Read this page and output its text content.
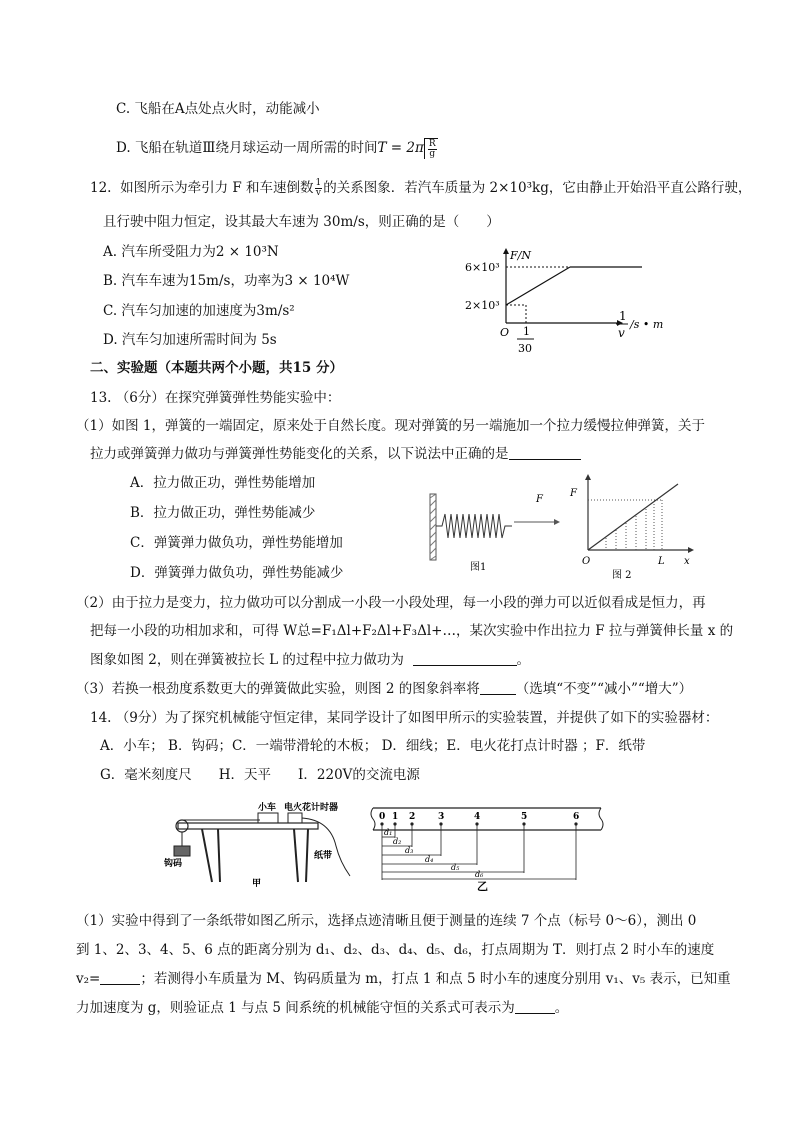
C. 飞船在A点处点火时，动能减小
D. 飞船在轨道Ⅲ绕月球运动一周所需的时间$T = 2\pi \frac{R}{g}$
12. 如图所示为牵引力 F 和车速倒数 $\frac{1}{v}$ 的关系图象．若汽车质量为 2×10³kg，它由静止开始沿平直公路行驶，
且行驶中阻力恒定，设其最大车速为 30m/s，则正确的是（　　）
A. 汽车所受阻力为2 × 10³N
B. 汽车车速为15m/s，功率为3 × 10⁴W
C. 汽车匀加速的加速度为3m/s²
D. 汽车匀加速所需时间为 5s
F/N
6×10³
2×10³
O 1
30
1
v
/s • m
二、实验题（本题共两个小题，共15 分）
13. （6分）在探究弹簧弹性势能实验中：
（1）如图 1，弹簧的一端固定，原来处于自然长度。现对弹簧的另一端施加一个拉力缓慢拉伸弹簧，关于
拉力或弹簧弹力做功与弹簧弹性势能变化的关系，以下说法中正确的是
A．拉力做正功，弹性势能增加
B．拉力做正功，弹性势能减少
C．弹簧弹力做负功，弹性势能增加
D．弹簧弹力做负功，弹性势能减少
F
图1
F
O	L x
图 2
（2）由于拉力是变力，拉力做功可以分割成一小段一小段处理，每一小段的弹力可以近似看成是恒力，再
把每一小段的功相加求和，可得 W总=F₁Δl+F₂Δl+F₃Δl+…，某次实验中作出拉力 F 拉与弹簧伸长量 x 的
图象如图 2，则在弹簧被拉长 L 的过程中拉力做功为	。
（3）若换一根劲度系数更大的弹簧做此实验，则图 2 的图象斜率将	（选填“不变”“减小”“增大”）
14. （9分）为了探究机械能守恒定律，某同学设计了如图甲所示的实验装置，并提供了如下的实验器材：
A．小车； B．钩码；C．一端带滑轮的木板； D．细线；E．电火花打点计时器 ；F．纸带
G．毫米刻度尺　　H．天平　　I．220V的交流电源
小车 电火花计时器
钩码
纸带
甲
0 1 2	3	4	5	6
d₁
d₂
d₃
d₄
d₅
d₆
乙
（1）实验中得到了一条纸带如图乙所示，选择点迹清晰且便于测量的连续 7 个点（标号 0～6），测出 0
到 1、2、3、4、5、6 点的距离分别为 d₁、d₂、d₃、d₄、d₅、d₆，打点周期为 T．则打点 2 时小车的速度
v₂=	；若测得小车质量为 M、钩码质量为 m，打点 1 和点 5 时小车的速度分别用 v₁、v₅ 表示，已知重
力加速度为 g，则验证点 1 与点 5 间系统的机械能守恒的关系式可表示为	。
